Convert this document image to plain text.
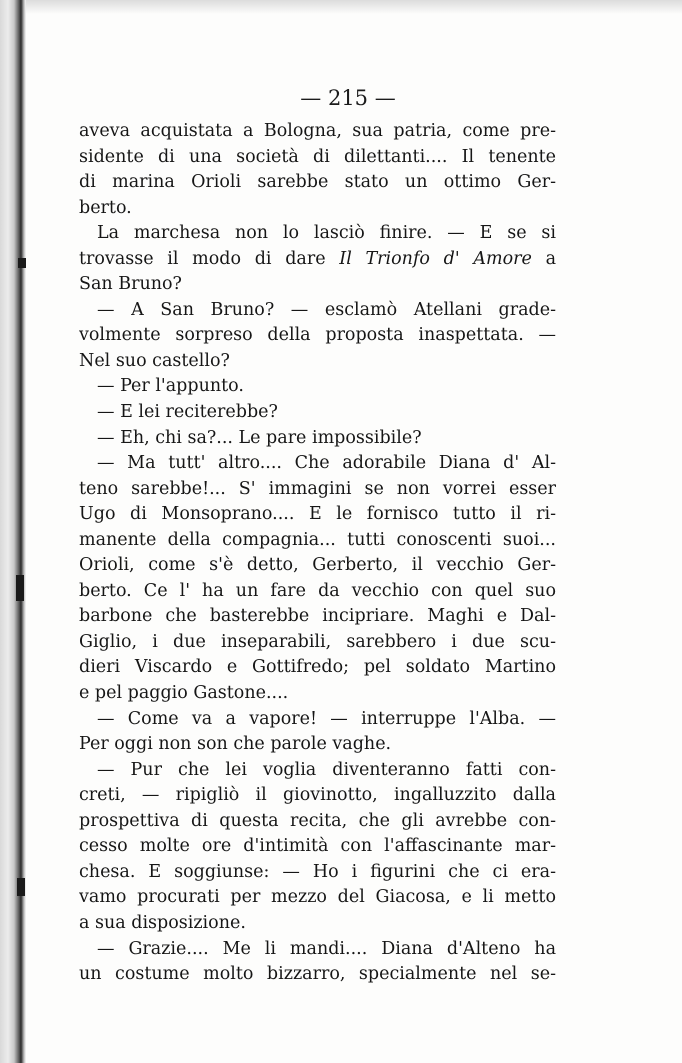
— 215 —
aveva acquistata a Bologna, sua patria, come pre-
sidente di una società di dilettanti.... Il tenente
di marina Orioli sarebbe stato un ottimo Ger-
berto.
La marchesa non lo lasciò finire. — E se si
trovasse il modo di dare Il Trionfo d' Amore a
San Bruno?
— A San Bruno? — esclamò Atellani grade-
volmente sorpreso della proposta inaspettata. —
Nel suo castello?
— Per l'appunto.
— E lei reciterebbe?
— Eh, chi sa?... Le pare impossibile?
— Ma tutt' altro.... Che adorabile Diana d' Al-
teno sarebbe!... S' immagini se non vorrei esser
Ugo di Monsoprano.... E le fornisco tutto il ri-
manente della compagnia... tutti conoscenti suoi...
Orioli, come s'è detto, Gerberto, il vecchio Ger-
berto. Ce l' ha un fare da vecchio con quel suo
barbone che basterebbe incipriare. Maghi e Dal-
Giglio, i due inseparabili, sarebbero i due scu-
dieri Viscardo e Gottifredo; pel soldato Martino
e pel paggio Gastone....
— Come va a vapore! — interruppe l'Alba. —
Per oggi non son che parole vaghe.
— Pur che lei voglia diventeranno fatti con-
creti, — ripigliò il giovinotto, ingalluzzito dalla
prospettiva di questa recita, che gli avrebbe con-
cesso molte ore d'intimità con l'affascinante mar-
chesa. E soggiunse: — Ho i figurini che ci era-
vamo procurati per mezzo del Giacosa, e li metto
a sua disposizione.
— Grazie.... Me li mandi.... Diana d'Alteno ha
un costume molto bizzarro, specialmente nel se-
